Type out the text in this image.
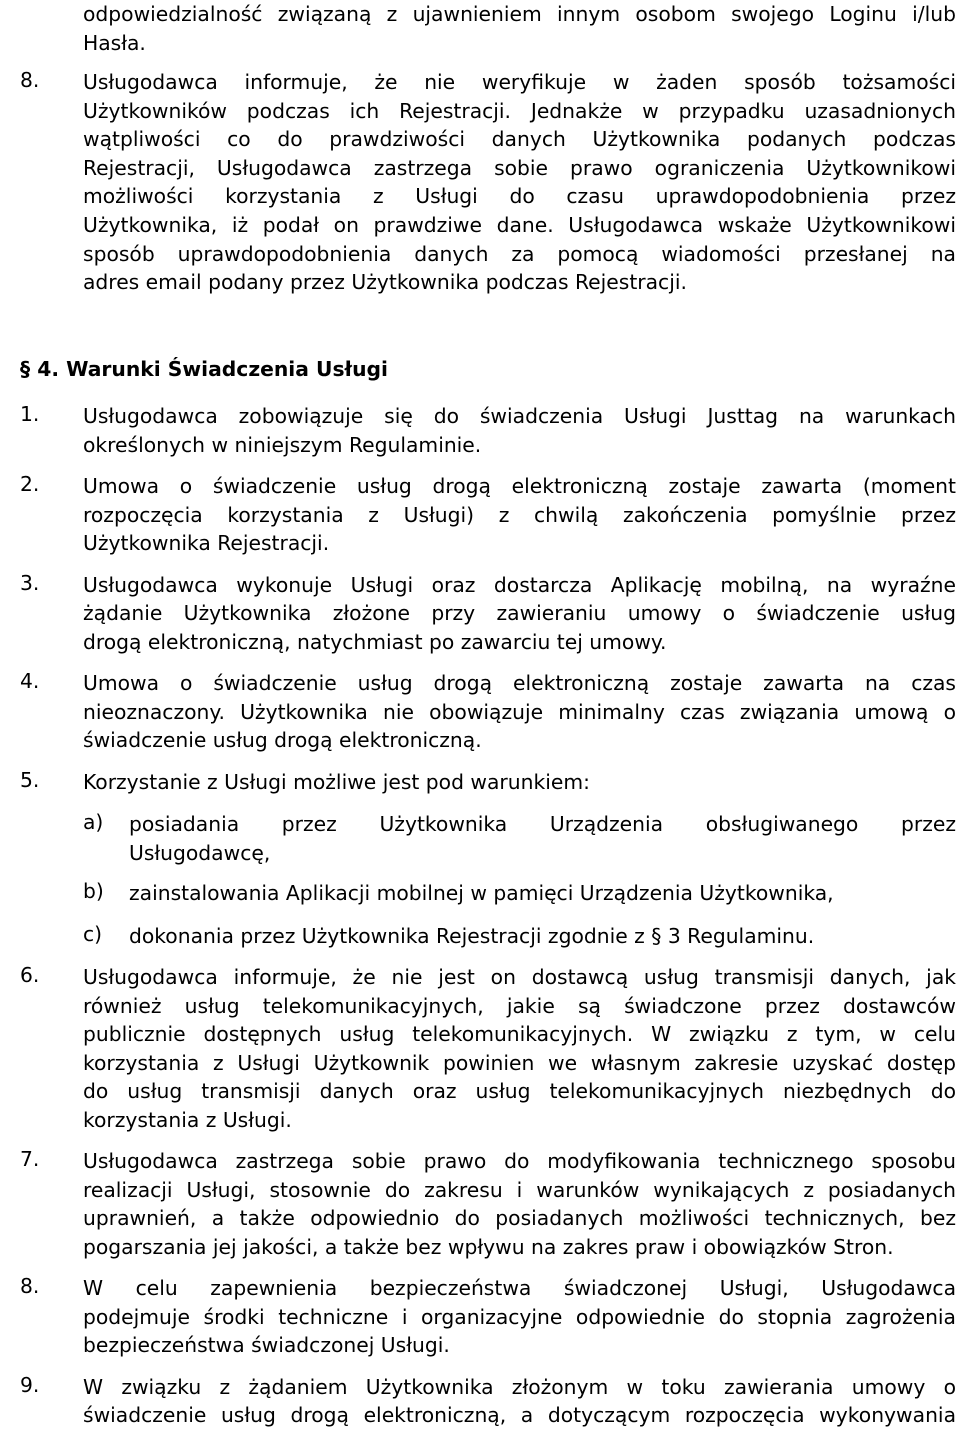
odpowiedzialność związaną z ujawnieniem innym osobom swojego Loginu i/lub
Hasła.
8. Usługodawca informuje, że nie weryfikuje w żaden sposób tożsamości
Użytkowników podczas ich Rejestracji. Jednakże w przypadku uzasadnionych
wątpliwości co do prawdziwości danych Użytkownika podanych podczas
Rejestracji, Usługodawca zastrzega sobie prawo ograniczenia Użytkownikowi
możliwości korzystania z Usługi do czasu uprawdopodobnienia przez
Użytkownika, iż podał on prawdziwe dane. Usługodawca wskaże Użytkownikowi
sposób uprawdopodobnienia danych za pomocą wiadomości przesłanej na
adres email podany przez Użytkownika podczas Rejestracji.
§ 4. Warunki Świadczenia Usługi
1. Usługodawca zobowiązuje się do świadczenia Usługi Justtag na warunkach
określonych w niniejszym Regulaminie.
2. Umowa o świadczenie usług drogą elektroniczną zostaje zawarta (moment
rozpoczęcia korzystania z Usługi) z chwilą zakończenia pomyślnie przez
Użytkownika Rejestracji.
3. Usługodawca wykonuje Usługi oraz dostarcza Aplikację mobilną, na wyraźne
żądanie Użytkownika złożone przy zawieraniu umowy o świadczenie usług
drogą elektroniczną, natychmiast po zawarciu tej umowy.
4. Umowa o świadczenie usług drogą elektroniczną zostaje zawarta na czas
nieoznaczony. Użytkownika nie obowiązuje minimalny czas związania umową o
świadczenie usług drogą elektroniczną.
5. Korzystanie z Usługi możliwe jest pod warunkiem:
a) posiadania przez Użytkownika Urządzenia obsługiwanego przez
Usługodawcę,
b) zainstalowania Aplikacji mobilnej w pamięci Urządzenia Użytkownika,
c) dokonania przez Użytkownika Rejestracji zgodnie z § 3 Regulaminu.
6. Usługodawca informuje, że nie jest on dostawcą usług transmisji danych, jak
również usług telekomunikacyjnych, jakie są świadczone przez dostawców
publicznie dostępnych usług telekomunikacyjnych. W związku z tym, w celu
korzystania z Usługi Użytkownik powinien we własnym zakresie uzyskać dostęp
do usług transmisji danych oraz usług telekomunikacyjnych niezbędnych do
korzystania z Usługi.
7. Usługodawca zastrzega sobie prawo do modyfikowania technicznego sposobu
realizacji Usługi, stosownie do zakresu i warunków wynikających z posiadanych
uprawnień, a także odpowiednio do posiadanych możliwości technicznych, bez
pogarszania jej jakości, a także bez wpływu na zakres praw i obowiązków Stron.
8. W celu zapewnienia bezpieczeństwa świadczonej Usługi, Usługodawca
podejmuje środki techniczne i organizacyjne odpowiednie do stopnia zagrożenia
bezpieczeństwa świadczonej Usługi.
9. W związku z żądaniem Użytkownika złożonym w toku zawierania umowy o
świadczenie usług drogą elektroniczną, a dotyczącym rozpoczęcia wykonywania
